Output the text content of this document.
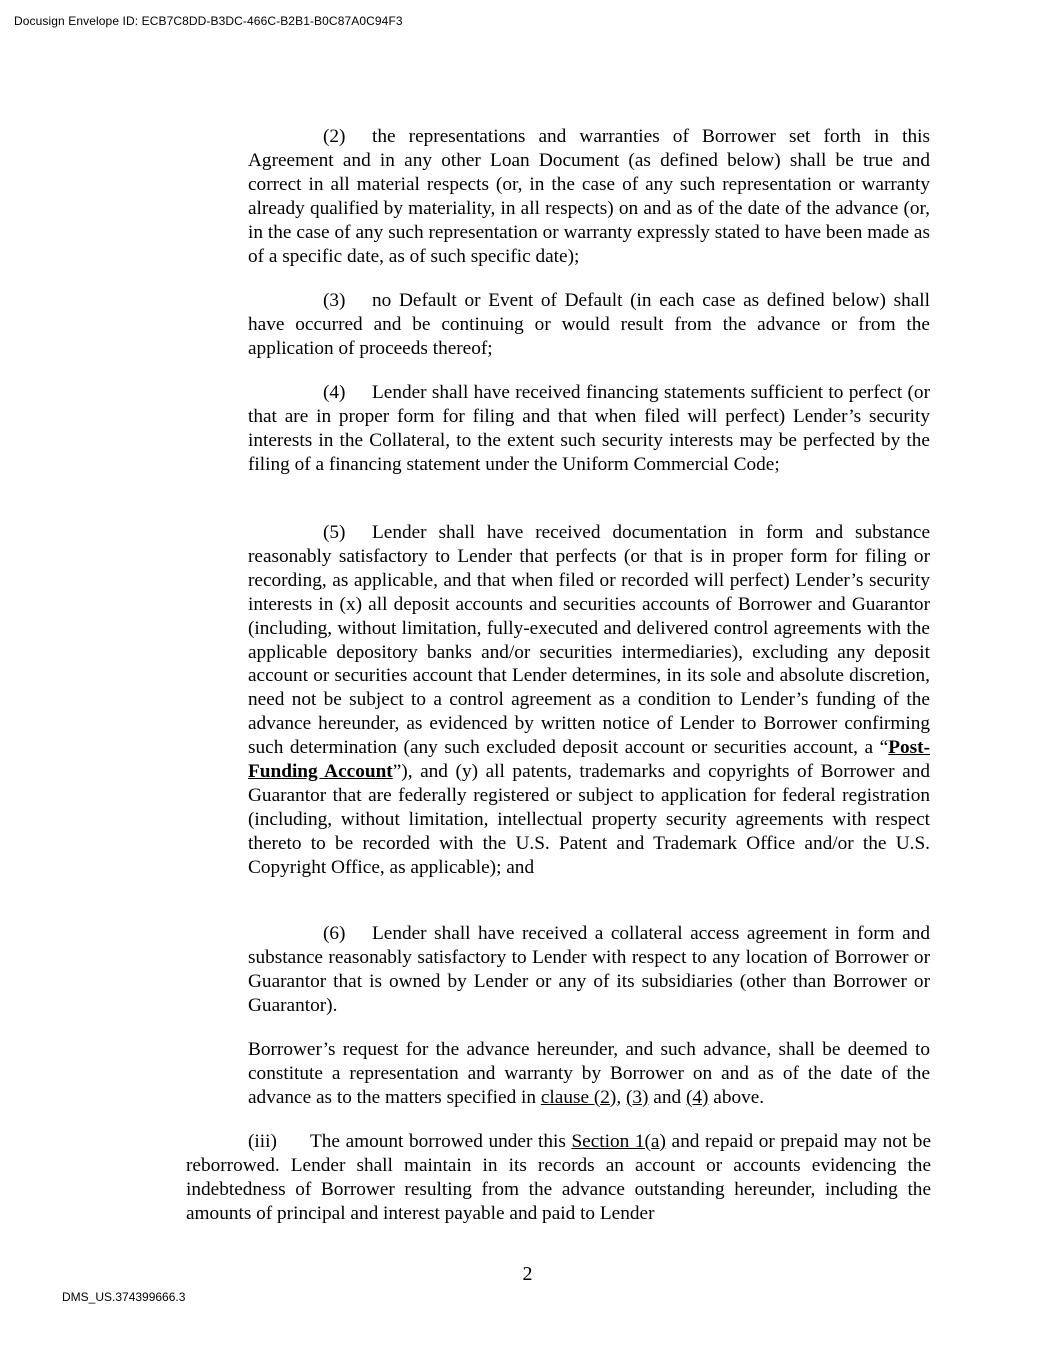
Docusign Envelope ID: ECB7C8DD-B3DC-466C-B2B1-B0C87A0C94F3

(2) the representations and warranties of Borrower set forth in this Agreement and in any other Loan Document (as defined below) shall be true and correct in all material respects (or, in the case of any such representation or warranty already qualified by materiality, in all respects) on and as of the date of the advance (or, in the case of any such representation or warranty expressly stated to have been made as of a specific date, as of such specific date);

(3) no Default or Event of Default (in each case as defined below) shall have occurred and be continuing or would result from the advance or from the application of proceeds thereof;

(4) Lender shall have received financing statements sufficient to perfect (or that are in proper form for filing and that when filed will perfect) Lender’s security interests in the Collateral, to the extent such security interests may be perfected by the filing of a financing statement under the Uniform Commercial Code;

(5) Lender shall have received documentation in form and substance reasonably satisfactory to Lender that perfects (or that is in proper form for filing or recording, as applicable, and that when filed or recorded will perfect) Lender’s security interests in (x) all deposit accounts and securities accounts of Borrower and Guarantor (including, without limitation, fully-executed and delivered control agreements with the applicable depository banks and/or securities intermediaries), excluding any deposit account or securities account that Lender determines, in its sole and absolute discretion, need not be subject to a control agreement as a condition to Lender’s funding of the advance hereunder, as evidenced by written notice of Lender to Borrower confirming such determination (any such excluded deposit account or securities account, a “Post-Funding Account”), and (y) all patents, trademarks and copyrights of Borrower and Guarantor that are federally registered or subject to application for federal registration (including, without limitation, intellectual property security agreements with respect thereto to be recorded with the U.S. Patent and Trademark Office and/or the U.S. Copyright Office, as applicable); and

(6) Lender shall have received a collateral access agreement in form and substance reasonably satisfactory to Lender with respect to any location of Borrower or Guarantor that is owned by Lender or any of its subsidiaries (other than Borrower or Guarantor).

Borrower’s request for the advance hereunder, and such advance, shall be deemed to constitute a representation and warranty by Borrower on and as of the date of the advance as to the matters specified in clause (2), (3) and (4) above.

(iii) The amount borrowed under this Section 1(a) and repaid or prepaid may not be reborrowed. Lender shall maintain in its records an account or accounts evidencing the indebtedness of Borrower resulting from the advance outstanding hereunder, including the amounts of principal and interest payable and paid to Lender

2
DMS_US.374399666.3
